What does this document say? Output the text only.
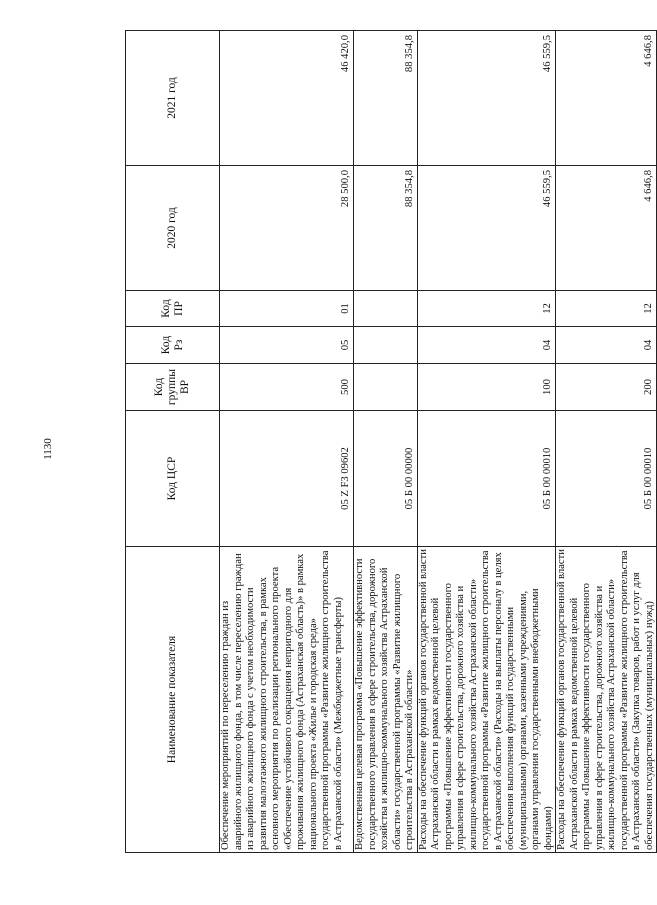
1130
Наименование показателя	Код ЦСР	Код группы ВР	Код Рз	Код ПР	2020 год	2021 год
Обеспечение мероприятий по переселению граждан из аварийного жилищного фонда, в том числе переселению граждан из аварийного жилищного фонда с учетом необходимости развития малоэтажного жилищного строительства, в рамках основного мероприятия по реализации регионального проекта «Обеспечение устойчивого сокращения непригодного для проживания жилищного фонда (Астраханская область)» в рамках национального проекта «Жилье и городская среда» государственной программы «Развитие жилищного строительства в Астраханской области» (Межбюджетные трансферты)	05 Z F3 09602	500	05	01	28 500,0	46 420,0
Ведомственная целевая программа «Повышение эффективности государственного управления в сфере строительства, дорожного хозяйства и жилищно-коммунального хозяйства Астраханской области» государственной программы «Развитие жилищного строительства в Астраханской области»	05 Б 00 00000				88 354,8	88 354,8
Расходы на обеспечение функций органов государственной власти Астраханской области в рамках ведомственной целевой программы «Повышение эффективности государственного управления в сфере строительства, дорожного хозяйства и жилищно-коммунального хозяйства Астраханской области» государственной программы «Развитие жилищного строительства в Астраханской области» (Расходы на выплаты персоналу в целях обеспечения выполнения функций государственными (муниципальными) органами, казенными учреждениями, органами управления государственными внебюджетными фондами)	05 Б 00 00010	100	04	12	46 559,5	46 559,5
Расходы на обеспечение функций органов государственной власти Астраханской области в рамках ведомственной целевой программы «Повышение эффективности государственного управления в сфере строительства, дорожного хозяйства и жилищно-коммунального хозяйства Астраханской области» государственной программы «Развитие жилищного строительства в Астраханской области» (Закупка товаров, работ и услуг для обеспечения государственных (муниципальных) нужд)	05 Б 00 00010	200	04	12	4 646,8	4 646,8
